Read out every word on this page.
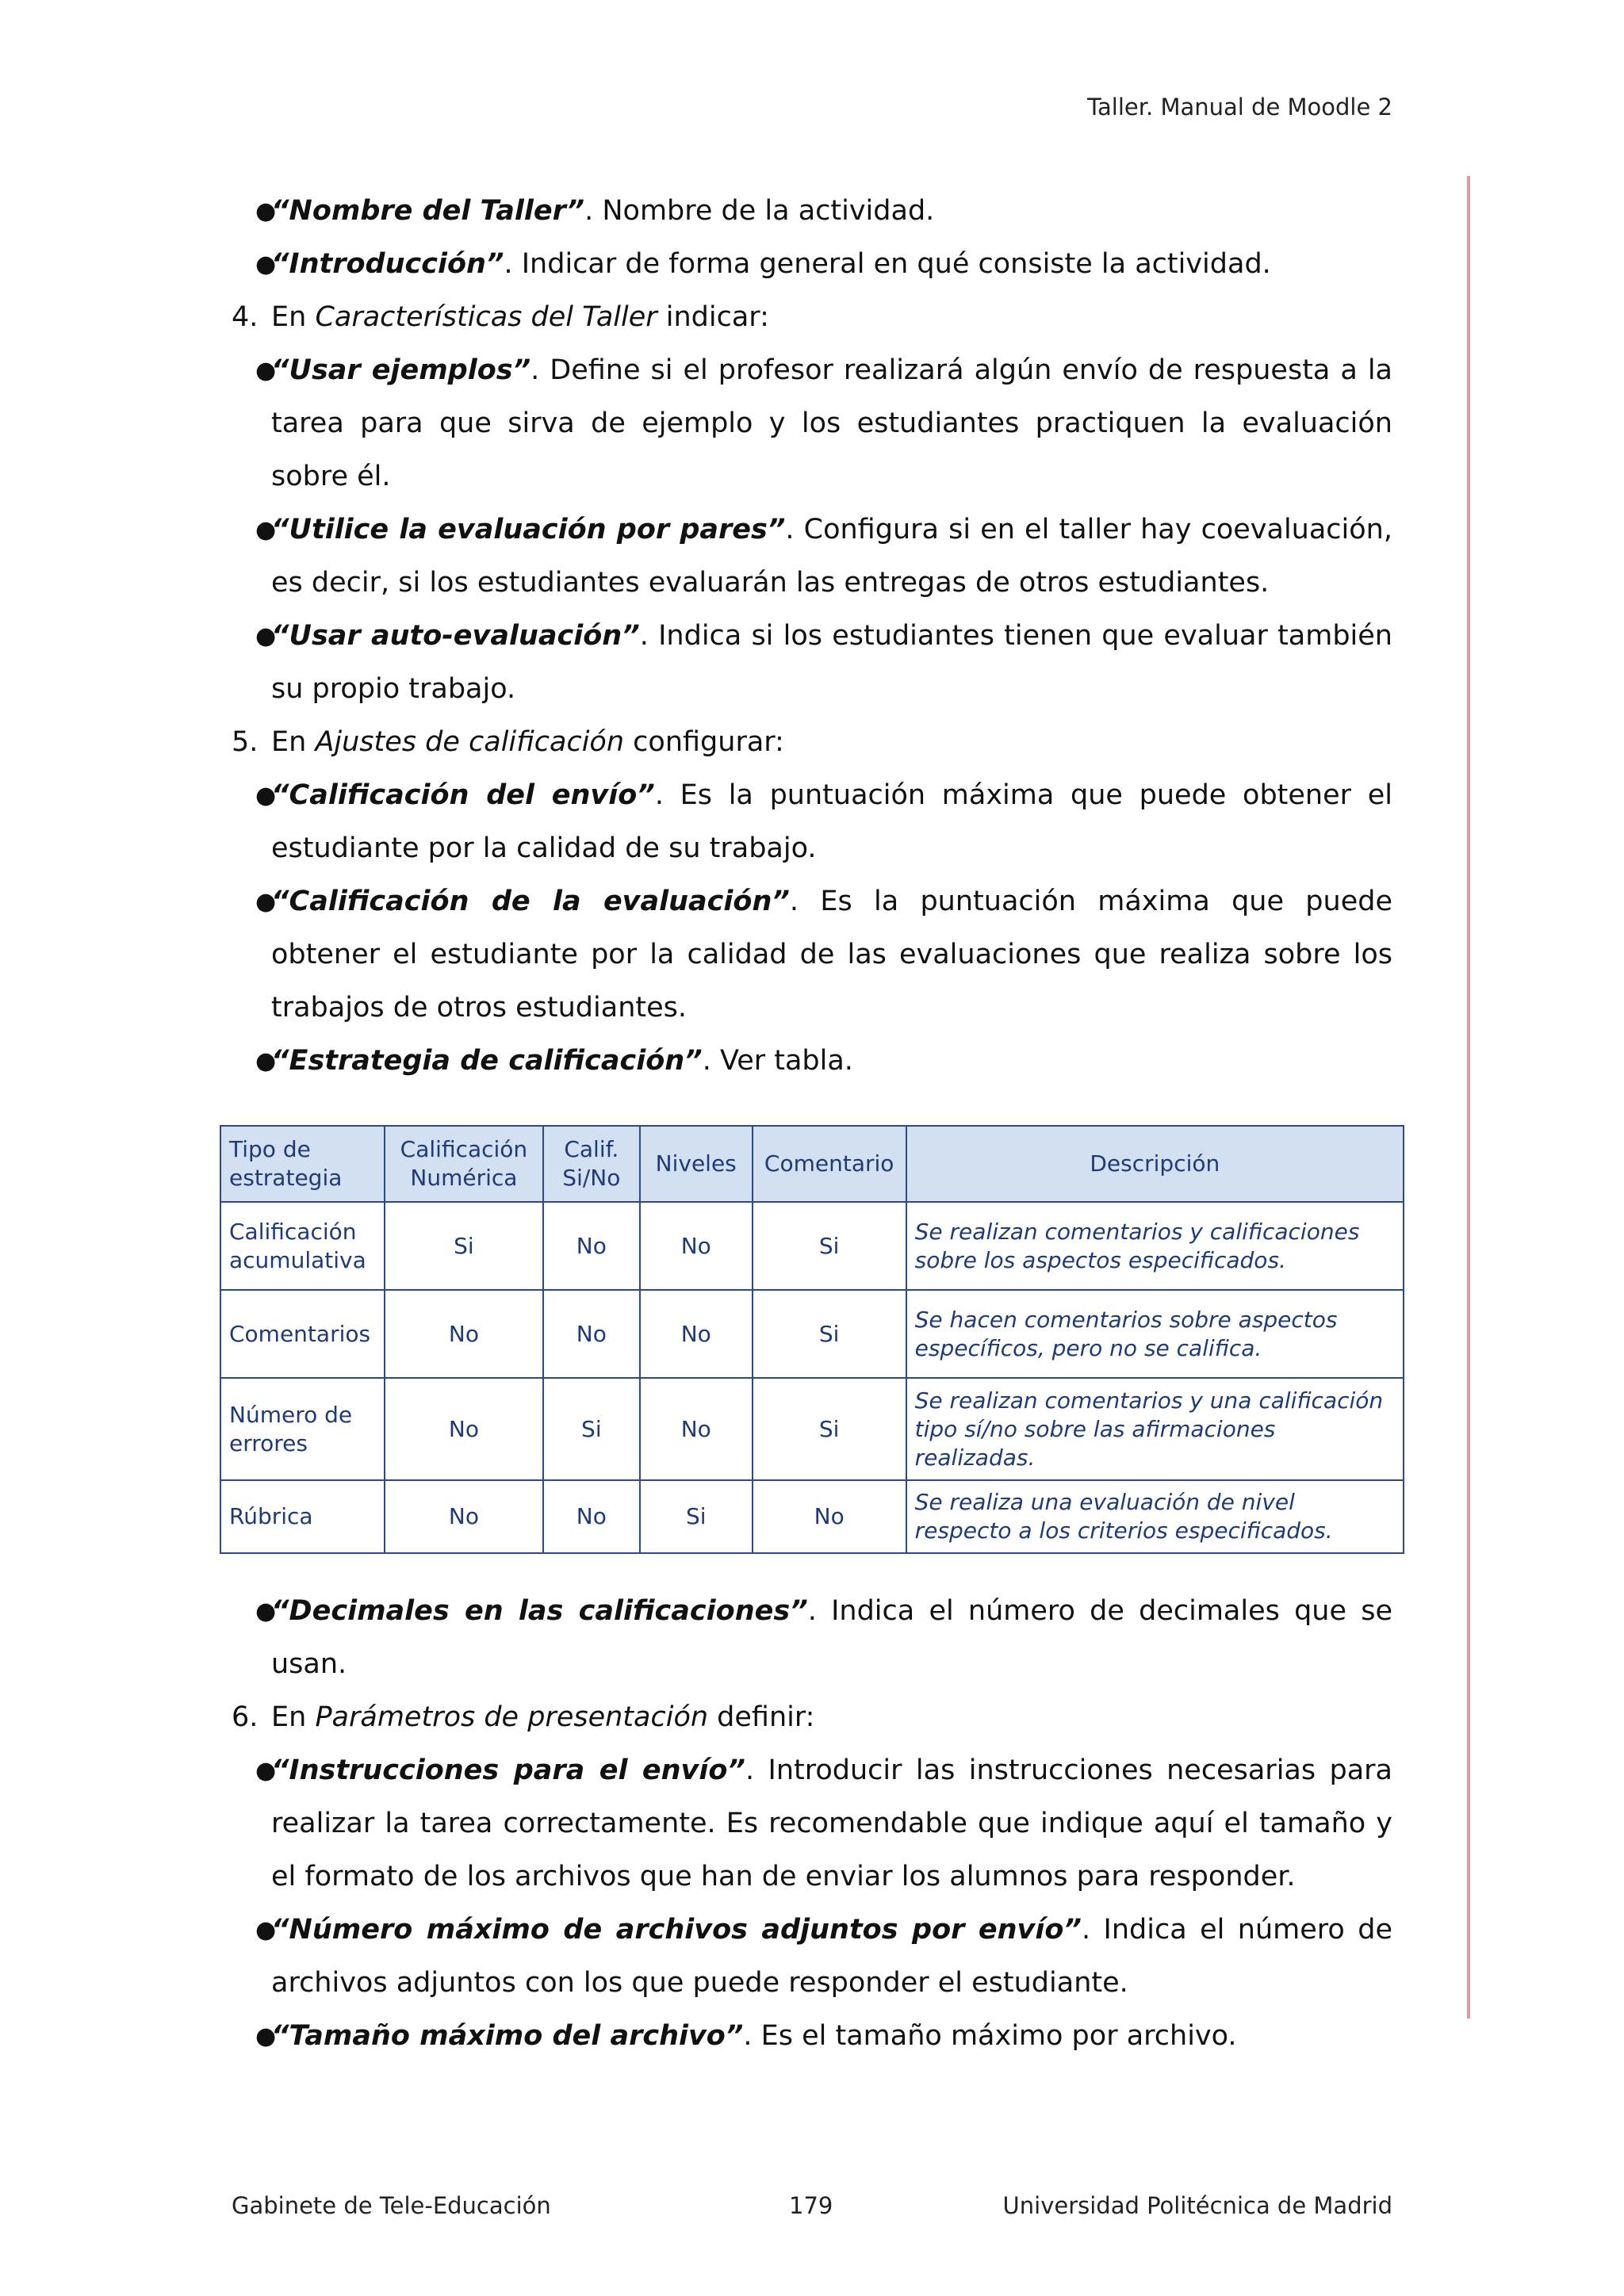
Taller. Manual de Moodle 2
●
“Nombre del Taller”. Nombre de la actividad.
●
“Introducción”. Indicar de forma general en qué consiste la actividad.
4. En Características del Taller indicar:
●
“Usar ejemplos”. Define si el profesor realizará algún envío de respuesta a la tarea para que sirva de ejemplo y los estudiantes practiquen la evaluación sobre él.
●
“Utilice la evaluación por pares”. Configura si en el taller hay coevaluación, es decir, si los estudiantes evaluarán las entregas de otros estudiantes.
●
“Usar auto-evaluación”. Indica si los estudiantes tienen que evaluar también su propio trabajo.
5. En Ajustes de calificación configurar:
●
“Calificación del envío”. Es la puntuación máxima que puede obtener el estudiante por la calidad de su trabajo.
●
“Calificación de la evaluación”. Es la puntuación máxima que puede obtener el estudiante por la calidad de las evaluaciones que realiza sobre los trabajos de otros estudiantes.
●
“Estrategia de calificación”. Ver tabla.
Tipo de estrategia	Calificación Numérica	Calif. Si/No	Niveles	Comentario	Descripción
Calificación acumulativa	Si	No	No	Si	Se realizan comentarios y calificaciones sobre los aspectos especificados.
Comentarios	No	No	No	Si	Se hacen comentarios sobre aspectos específicos, pero no se califica.
Número de errores	No	Si	No	Si	Se realizan comentarios y una calificación tipo sí/no sobre las afirmaciones realizadas.
Rúbrica	No	No	Si	No	Se realiza una evaluación de nivel respecto a los criterios especificados.
●
“Decimales en las calificaciones”. Indica el número de decimales que se usan.
6. En Parámetros de presentación definir:
●
“Instrucciones para el envío”. Introducir las instrucciones necesarias para realizar la tarea correctamente. Es recomendable que indique aquí el tamaño y el formato de los archivos que han de enviar los alumnos para responder.
●
“Número máximo de archivos adjuntos por envío”. Indica el número de archivos adjuntos con los que puede responder el estudiante.
●
“Tamaño máximo del archivo”. Es el tamaño máximo por archivo.
Gabinete de Tele-Educación	179	Universidad Politécnica de Madrid
